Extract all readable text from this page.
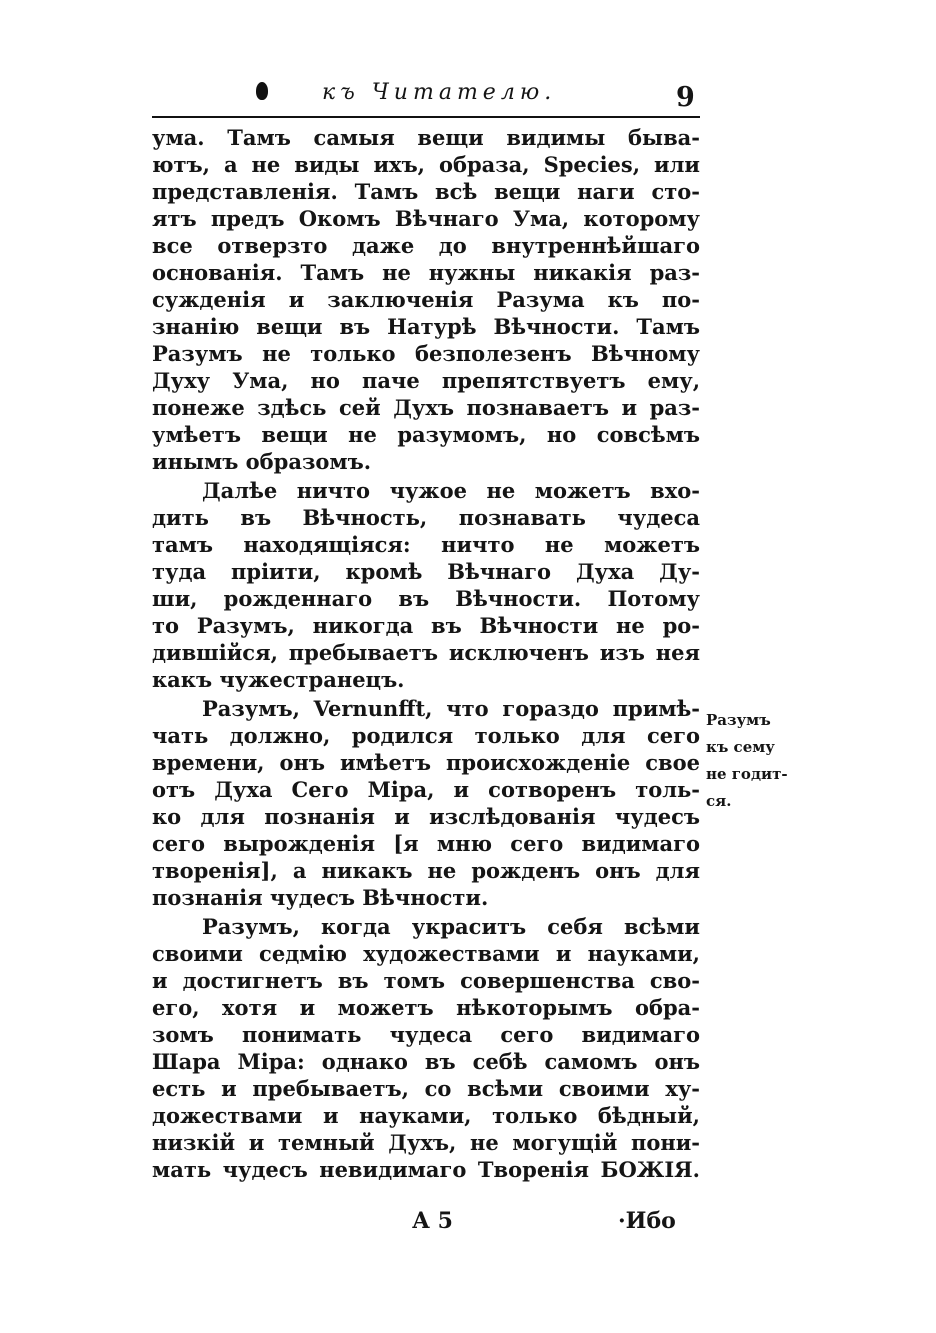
къ Читателю.	9
ума. Тамъ самыя вещи видимы быва-
ютъ, а не виды ихъ, образа, Species, или
представленія. Тамъ всѣ вещи наги сто-
ятъ предъ Окомъ Вѣчнаго Ума, которому
все отверзто даже до внутреннѣйшаго
основанія. Тамъ не нужны никакія раз-
сужденія и заключенія Разума къ по-
знанію вещи въ Натурѣ Вѣчности. Тамъ
Разумъ не только безполезенъ Вѣчному
Духу Ума, но паче препятствуетъ ему,
понеже здѣсь сей Духъ познаваетъ и раз-
умѣетъ вещи не разумомъ, но совсѣмъ
инымъ образомъ.
Далѣе ничто чужое не можетъ вхо-
дить въ Вѣчность, познавать чудеса
тамъ находящіяся: ничто не можетъ
туда пріити, кромѣ Вѣчнаго Духа Ду-
ши, рожденнаго въ Вѣчности. Потому
то Разумъ, никогда въ Вѣчности не ро-
дившійся, пребываетъ исключенъ изъ нея
какъ чужестранецъ.
Разумъ, Vernunfft, что гораздо примѣ-
чать должно, родился только для сего
времени, онъ имѣетъ происхожденіе свое
отъ Духа Сего Міра, и сотворенъ толь-
ко для познанія и изслѣдованія чудесъ
сего вырожденія [я мню сего видимаго
творенія], а никакъ не рожденъ онъ для
познанія чудесъ Вѣчности.
Разумъ, когда украситъ себя всѣми
своими седмію художествами и науками,
и достигнетъ въ томъ совершенства сво-
его, хотя и можетъ нѣкоторымъ обра-
зомъ понимать чудеса сего видимаго
Шара Міра: однако въ себѣ самомъ онъ
есть и пребываетъ, со всѣми своими ху-
дожествами и науками, только бѣдный,
низкій и темный Духъ, не могущій пони-
мать чудесъ невидимаго Творенія БОЖІЯ.
Разумъ
къ сему
не годит-
ся.
А 5	·Ибо
